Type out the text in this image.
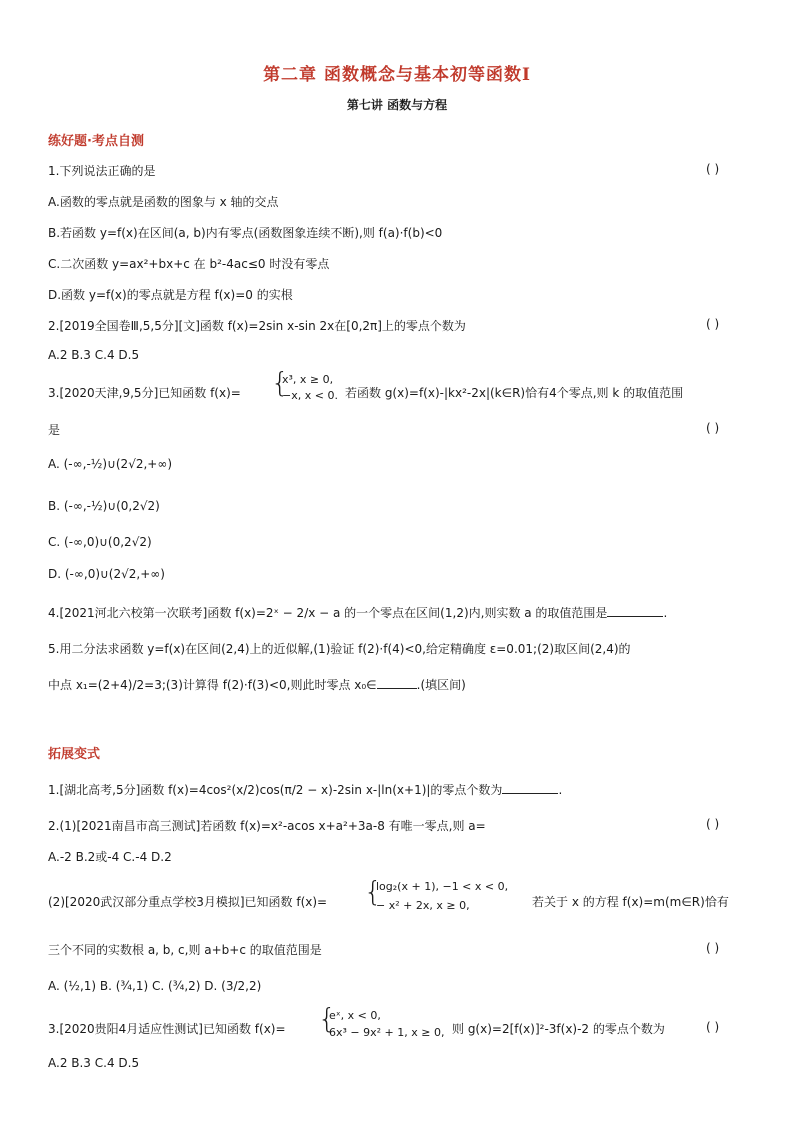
第二章 函数概念与基本初等函数Ⅰ
第七讲 函数与方程
练好题·考点自测
1.下列说法正确的是	( )
A.函数的零点就是函数的图象与 x 轴的交点
B.若函数 y=f(x)在区间(a, b)内有零点(函数图象连续不断),则 f(a)·f(b)<0
C.二次函数 y=ax²+bx+c 在 b²-4ac≤0 时没有零点
D.函数 y=f(x)的零点就是方程 f(x)=0 的实根
2.[2019全国卷Ⅲ,5,5分][文]函数 f(x)=2sin x-sin 2x在[0,2π]上的零点个数为	( )
A.2 B.3 C.4 D.5
3.[2020天津,9,5分]已知函数 f(x)= {
x³, x ≥ 0,
−x, x < 0. 若函数 g(x)=f(x)-|kx²-2x|(k∈R)恰有4个零点,则 k 的取值范围
是	( )
A. (-∞,-½)∪(2√2,+∞)
B. (-∞,-½)∪(0,2√2)
C. (-∞,0)∪(0,2√2)
D. (-∞,0)∪(2√2,+∞)
4.[2021河北六校第一次联考]函数 f(x)=2ˣ − 2/x − a 的一个零点在区间(1,2)内,则实数 a 的取值范围是	.
5.用二分法求函数 y=f(x)在区间(2,4)上的近似解,(1)验证 f(2)·f(4)<0,给定精确度 ε=0.01;(2)取区间(2,4)的
中点 x₁=(2+4)/2=3;(3)计算得 f(2)·f(3)<0,则此时零点 x₀∈	.(填区间)
拓展变式
1.[湖北高考,5分]函数 f(x)=4cos²(x/2)cos(π/2 − x)-2sin x-|ln(x+1)|的零点个数为	.
2.(1)[2021南昌市高三测试]若函数 f(x)=x²-acos x+a²+3a-8 有唯一零点,则 a=	( )
A.-2 B.2或-4 C.-4 D.2
(2)[2020武汉部分重点学校3月模拟]已知函数 f(x)= {
log₂(x + 1), −1 < x < 0,
− x² + 2x, x ≥ 0,	若关于 x 的方程 f(x)=m(m∈R)恰有
三个不同的实数根 a, b, c,则 a+b+c 的取值范围是	( )
A. (½,1) B. (¾,1) C. (¾,2) D. (3/2,2)
3.[2020贵阳4月适应性测试]已知函数 f(x)= {
eˣ, x < 0,
6x³ − 9x² + 1, x ≥ 0, 则 g(x)=2[f(x)]²-3f(x)-2 的零点个数为	( )
A.2 B.3 C.4 D.5
